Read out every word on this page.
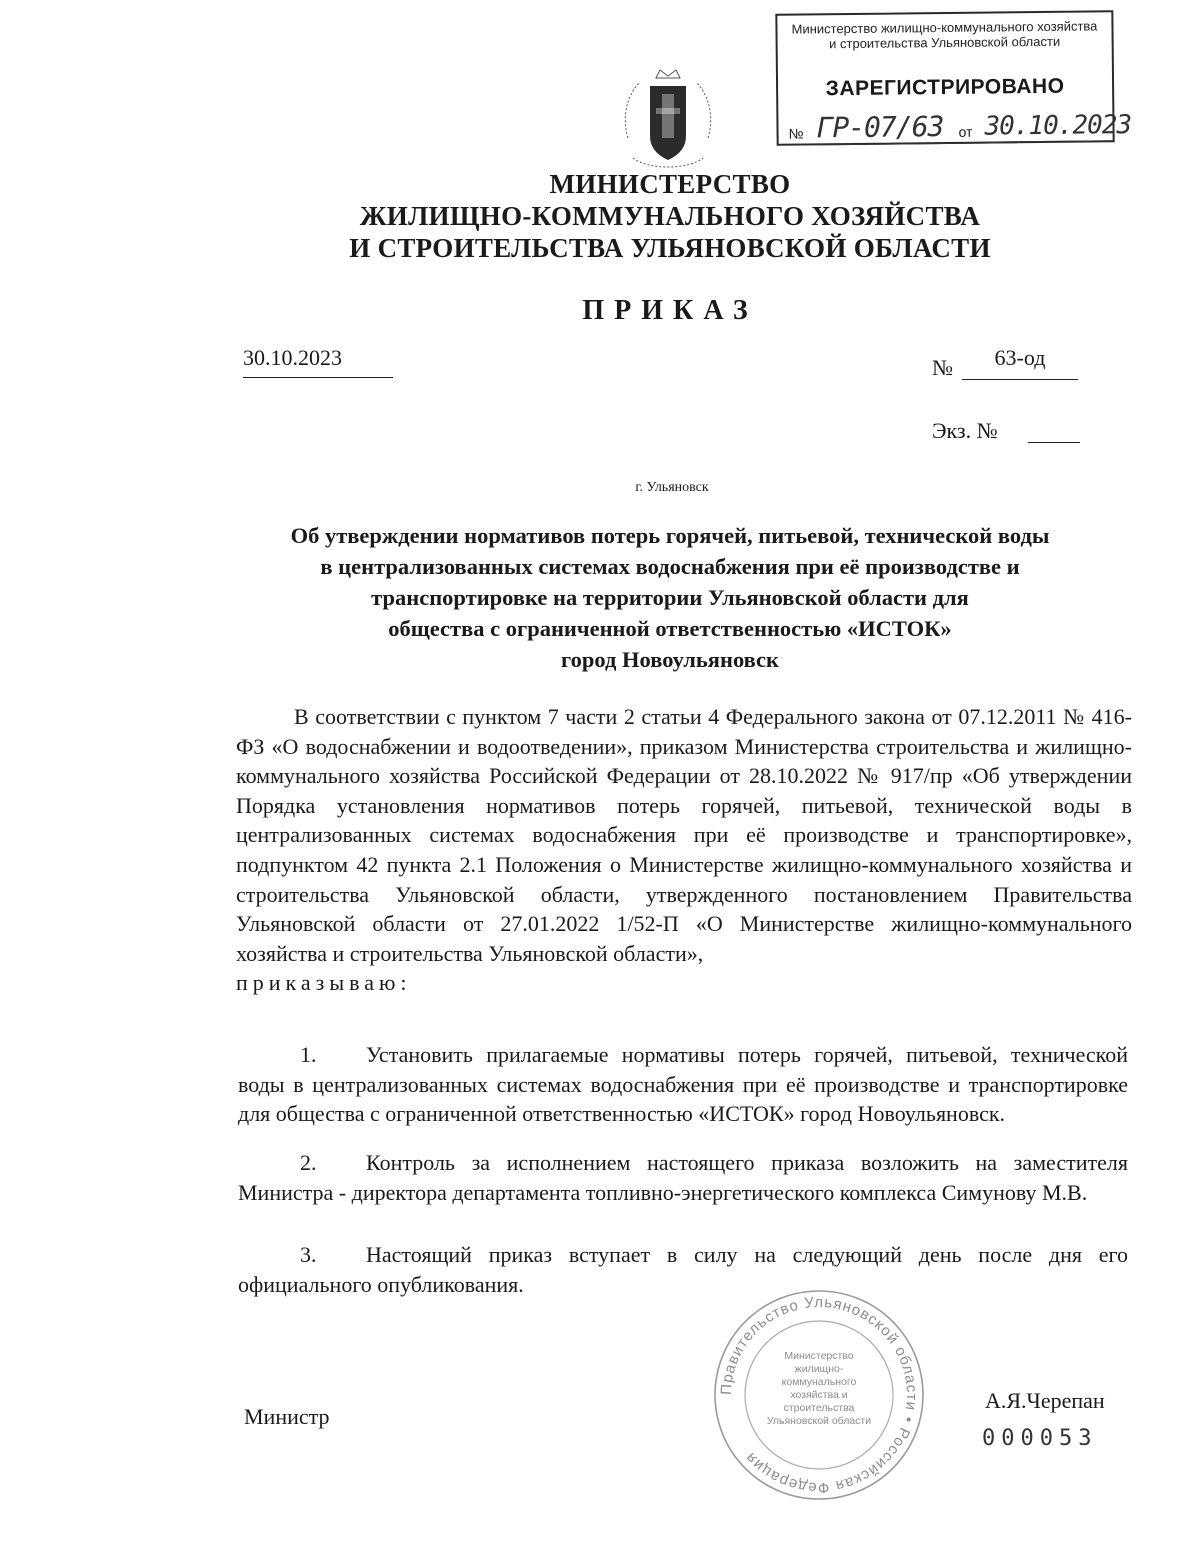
Министерство жилищно-коммунального хозяйства и строительства Ульяновской области
ЗАРЕГИСТРИРОВАНО
№ ГР-07/63	от 30.10.2023
МИНИСТЕРСТВО
ЖИЛИЩНО-КОММУНАЛЬНОГО ХОЗЯЙСТВА
И СТРОИТЕЛЬСТВА УЛЬЯНОВСКОЙ ОБЛАСТИ
ПРИКАЗ
30.10.2023	№	63-од
Экз. №
г. Ульяновск
Об утверждении нормативов потерь горячей, питьевой, технической воды
в централизованных системах водоснабжения при её производстве и
транспортировке на территории Ульяновской области для
общества с ограниченной ответственностью «ИСТОК»
город Новоульяновск
В соответствии с пунктом 7 части 2 статьи 4 Федерального закона от 07.12.2011 № 416-ФЗ «О водоснабжении и водоотведении», приказом Министерства строительства и жилищно-коммунального хозяйства Российской Федерации от 28.10.2022 № 917/пр «Об утверждении Порядка установления нормативов потерь горячей, питьевой, технической воды в централизованных системах водоснабжения при её производстве и транспортировке», подпунктом 42 пункта 2.1 Положения о Министерстве жилищно-коммунального хозяйства и строительства Ульяновской области, утвержденного постановлением Правительства Ульяновской области от 27.01.2022 1/52-П «О Министерстве жилищно-коммунального хозяйства и строительства Ульяновской области»,
приказываю:
1. Установить прилагаемые нормативы потерь горячей, питьевой, технической воды в централизованных системах водоснабжения при её производстве и транспортировке для общества с ограниченной ответственностью «ИСТОК» город Новоульяновск.
2. Контроль за исполнением настоящего приказа возложить на заместителя Министра - директора департамента топливно-энергетического комплекса Симунову М.В.
3. Настоящий приказ вступает в силу на следующий день после дня его официального опубликования.
Правительство Ульяновской области • Российская Федерация
Министерство жилищно-коммунального хозяйства и строительства Ульяновской области
Министр
А.Я.Черепан
000053
